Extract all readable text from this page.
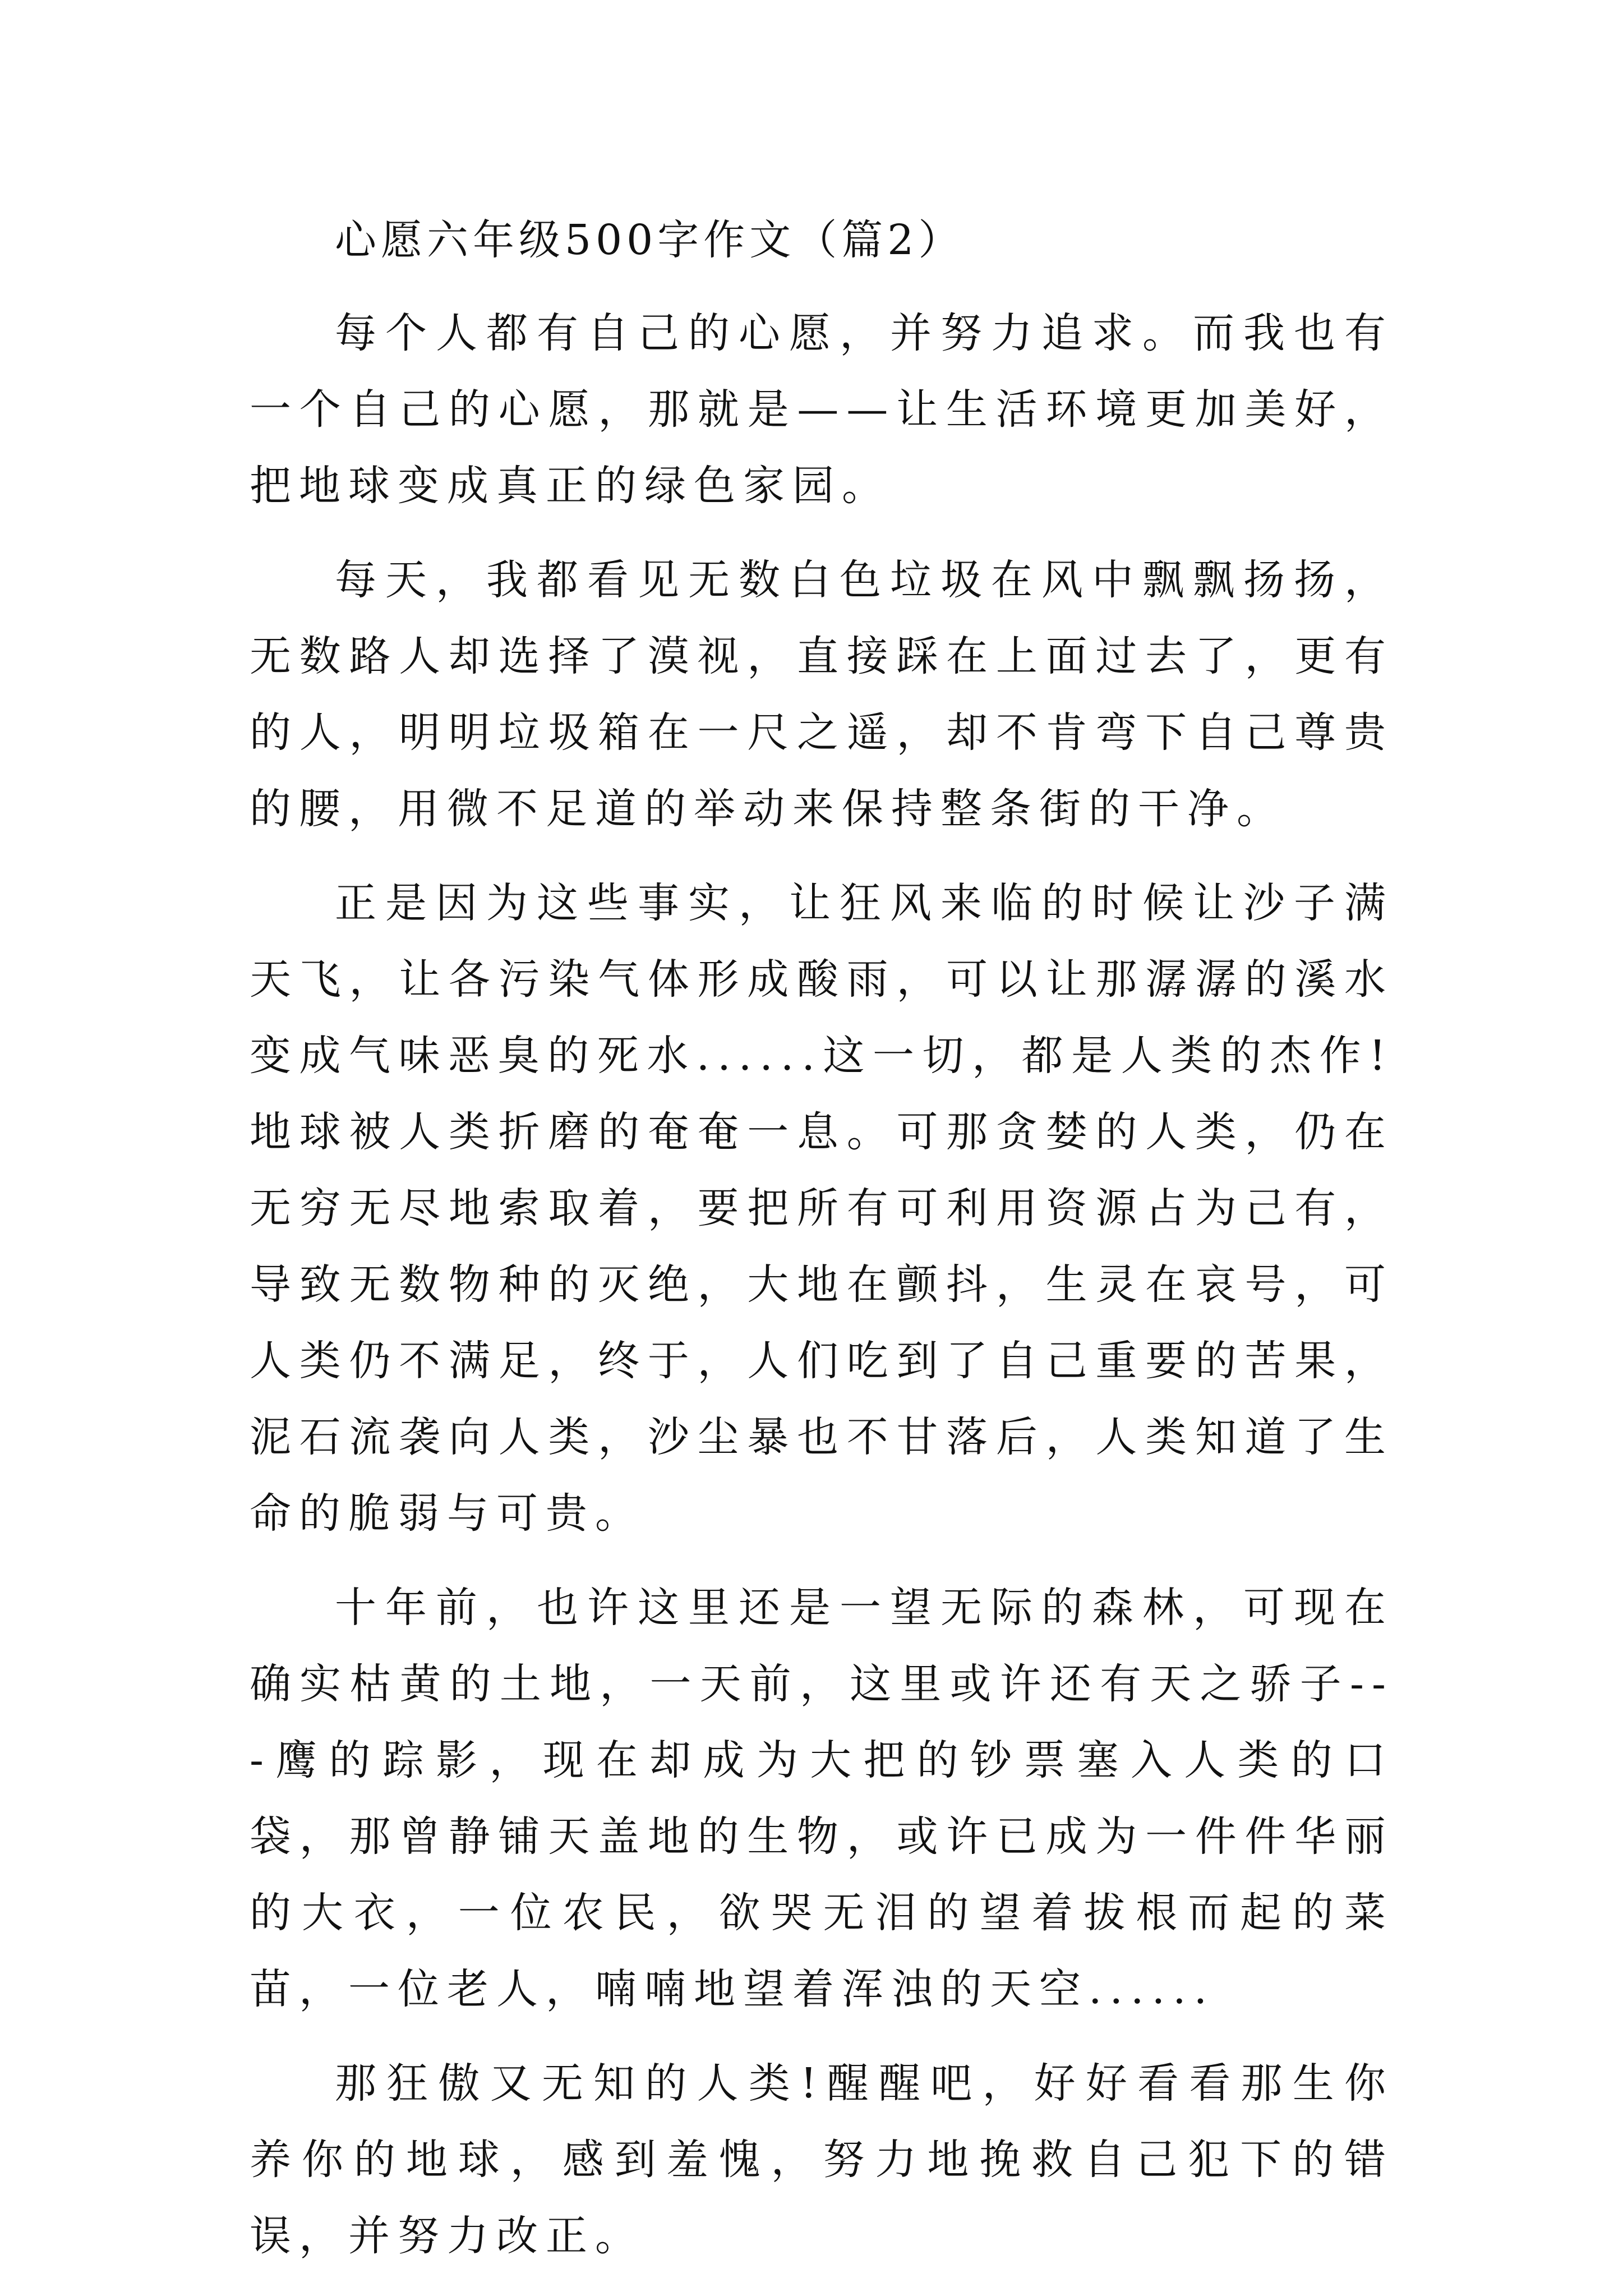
心愿六年级500字作文（篇2）

每个人都有自己的心愿，并努力追求。而我也有一个自己的心愿，那就是——让生活环境更加美好，把地球变成真正的绿色家园。

每天，我都看见无数白色垃圾在风中飘飘扬扬，无数路人却选择了漠视，直接踩在上面过去了，更有的人，明明垃圾箱在一尺之遥，却不肯弯下自己尊贵的腰，用微不足道的举动来保持整条街的干净。

正是因为这些事实，让狂风来临的时候让沙子满天飞，让各污染气体形成酸雨，可以让那潺潺的溪水变成气味恶臭的死水......这一切，都是人类的杰作!地球被人类折磨的奄奄一息。可那贪婪的人类，仍在无穷无尽地索取着，要把所有可利用资源占为己有，导致无数物种的灭绝，大地在颤抖，生灵在哀号，可人类仍不满足，终于，人们吃到了自己重要的苦果，泥石流袭向人类，沙尘暴也不甘落后，人类知道了生命的脆弱与可贵。

十年前，也许这里还是一望无际的森林，可现在确实枯黄的土地，一天前，这里或许还有天之骄子---鹰的踪影，现在却成为大把的钞票塞入人类的口袋，那曾静铺天盖地的生物，或许已成为一件件华丽的大衣，一位农民，欲哭无泪的望着拔根而起的菜苗，一位老人，喃喃地望着浑浊的天空......

那狂傲又无知的人类!醒醒吧，好好看看那生你养你的地球，感到羞愧，努力地挽救自己犯下的错误，并努力改正。
